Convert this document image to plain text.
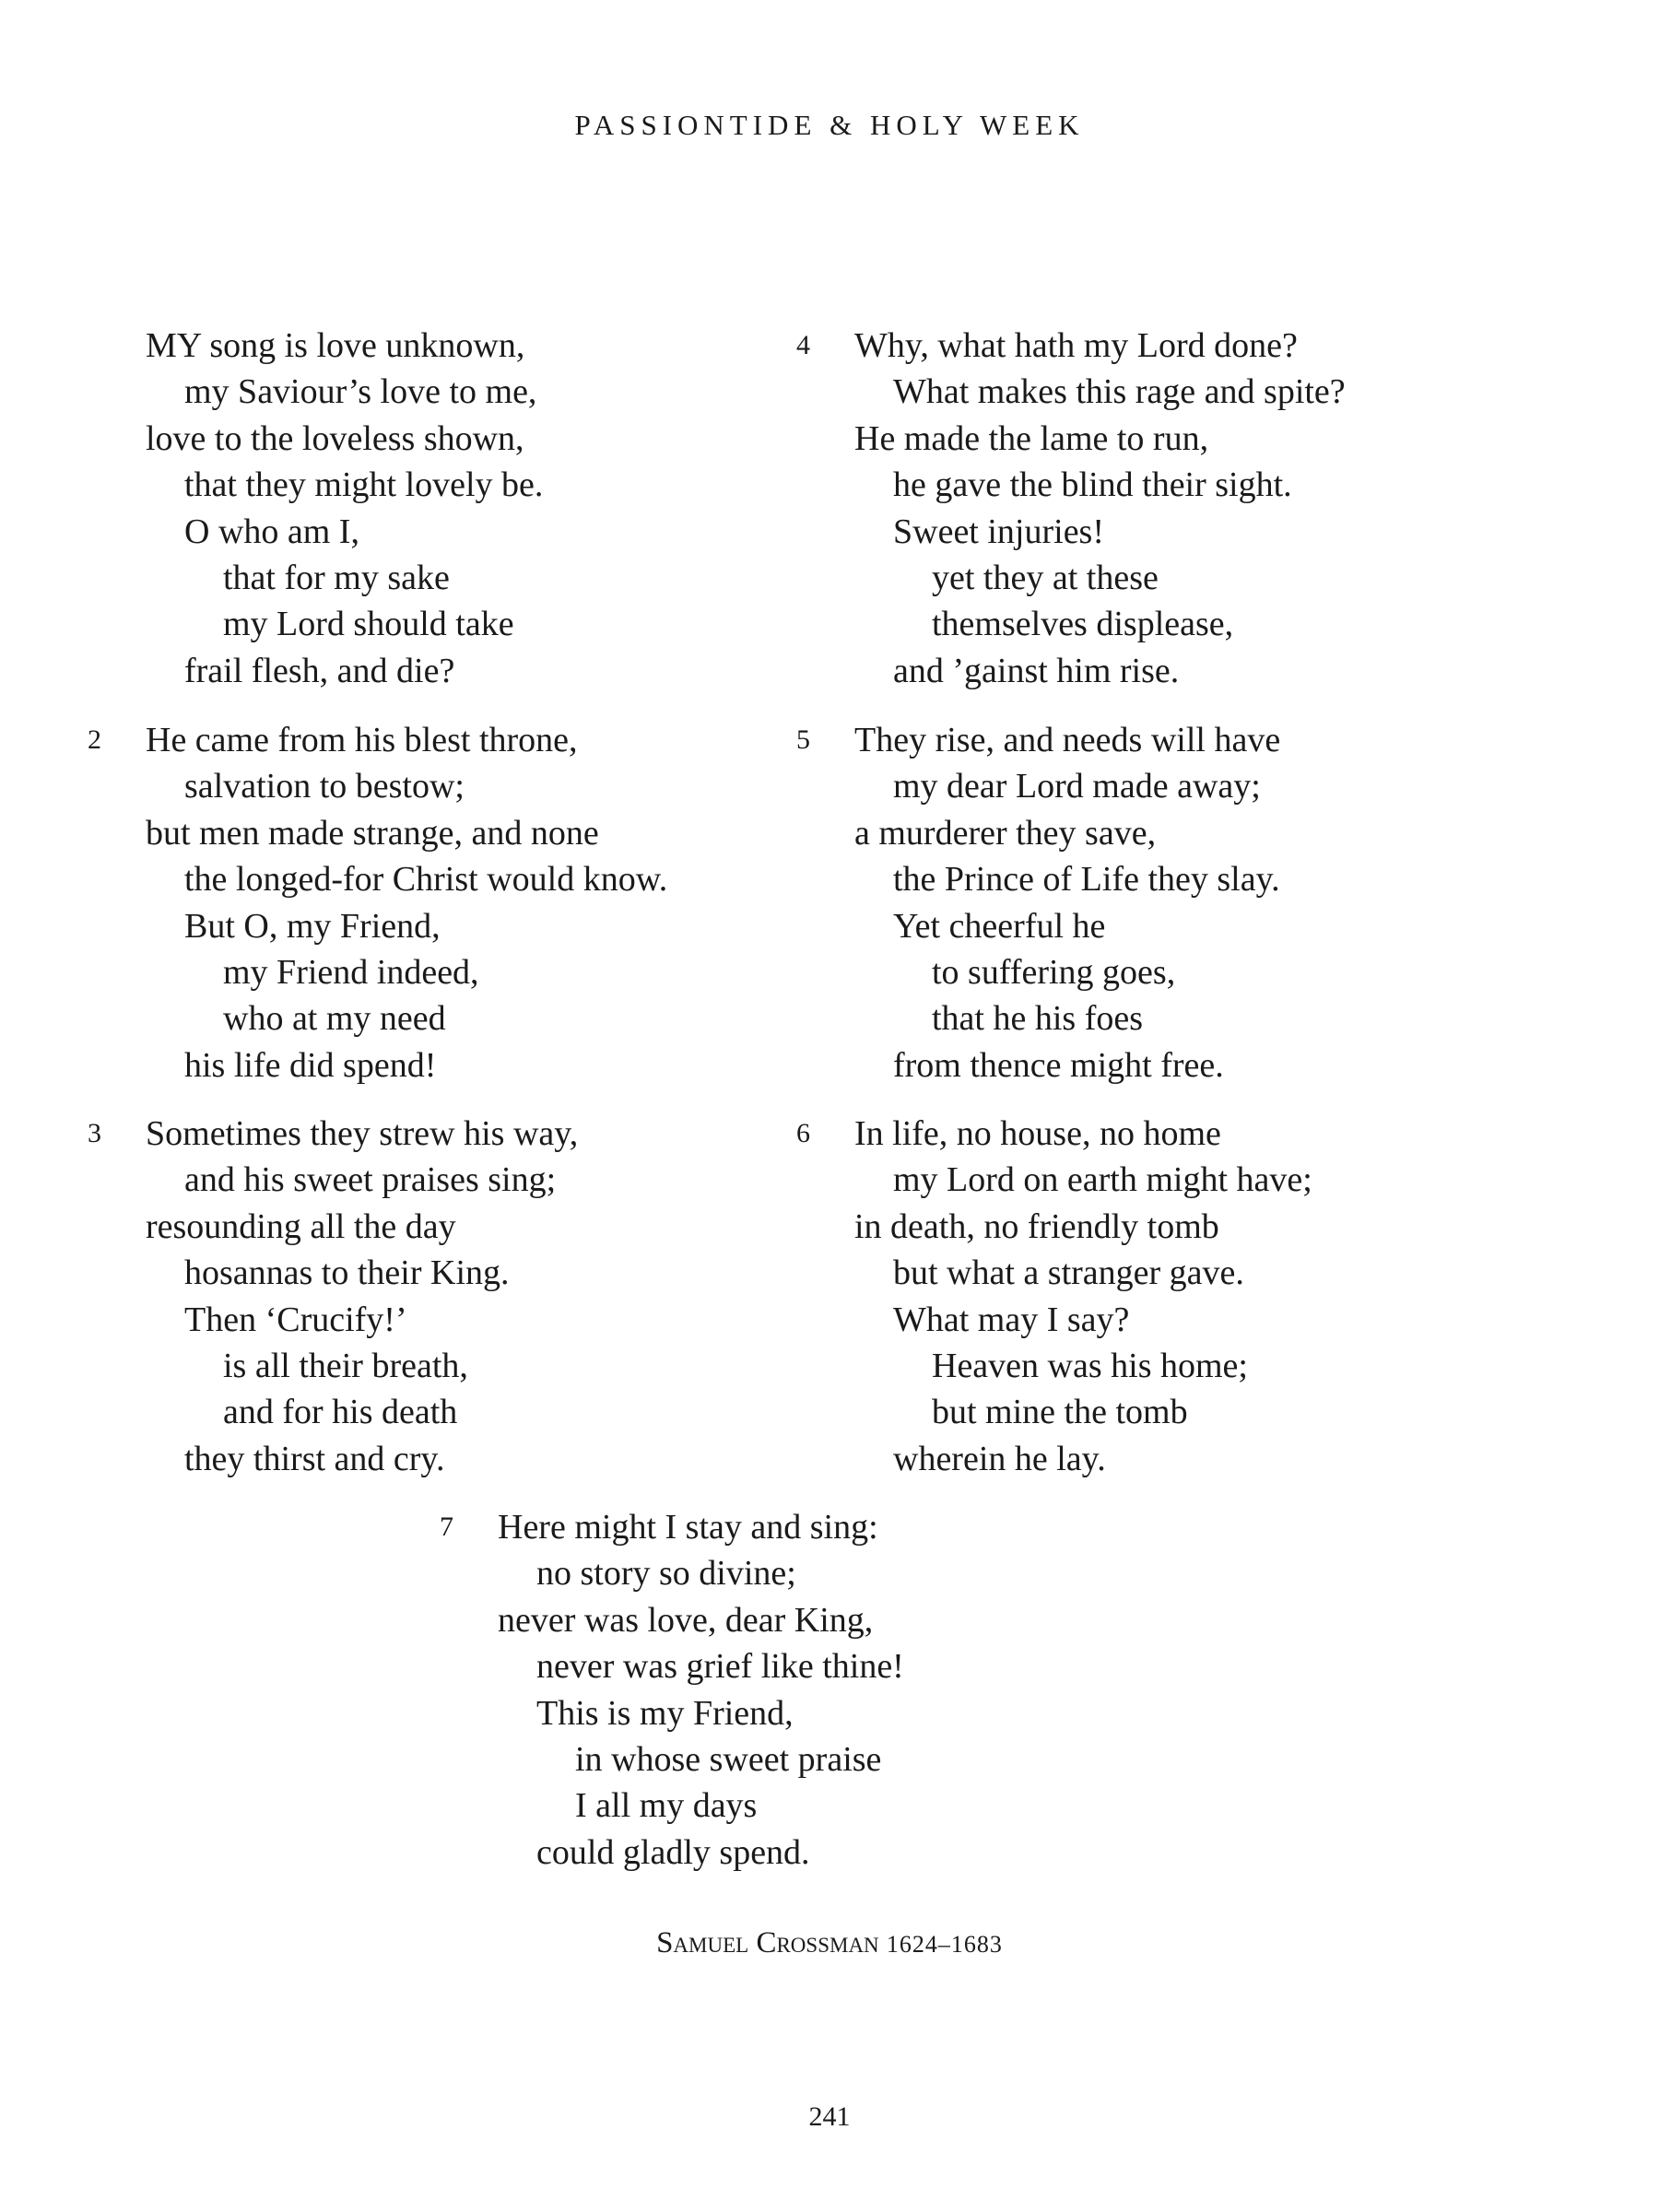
PASSIONTIDE & HOLY WEEK
MY song is love unknown,
my Saviour’s love to me,
love to the loveless shown,
that they might lovely be.
O who am I,
that for my sake
my Lord should take
frail flesh, and die?
2 He came from his blest throne,
salvation to bestow;
but men made strange, and none
the longed-for Christ would know.
But O, my Friend,
my Friend indeed,
who at my need
his life did spend!
3 Sometimes they strew his way,
and his sweet praises sing;
resounding all the day
hosannas to their King.
Then ‘Crucify!’
is all their breath,
and for his death
they thirst and cry.
4 Why, what hath my Lord done?
What makes this rage and spite?
He made the lame to run,
he gave the blind their sight.
Sweet injuries!
yet they at these
themselves displease,
and ’gainst him rise.
5 They rise, and needs will have
my dear Lord made away;
a murderer they save,
the Prince of Life they slay.
Yet cheerful he
to suffering goes,
that he his foes
from thence might free.
6 In life, no house, no home
my Lord on earth might have;
in death, no friendly tomb
but what a stranger gave.
What may I say?
Heaven was his home;
but mine the tomb
wherein he lay.
7 Here might I stay and sing:
no story so divine;
never was love, dear King,
never was grief like thine!
This is my Friend,
in whose sweet praise
I all my days
could gladly spend.
Samuel Crossman 1624–1683
241
